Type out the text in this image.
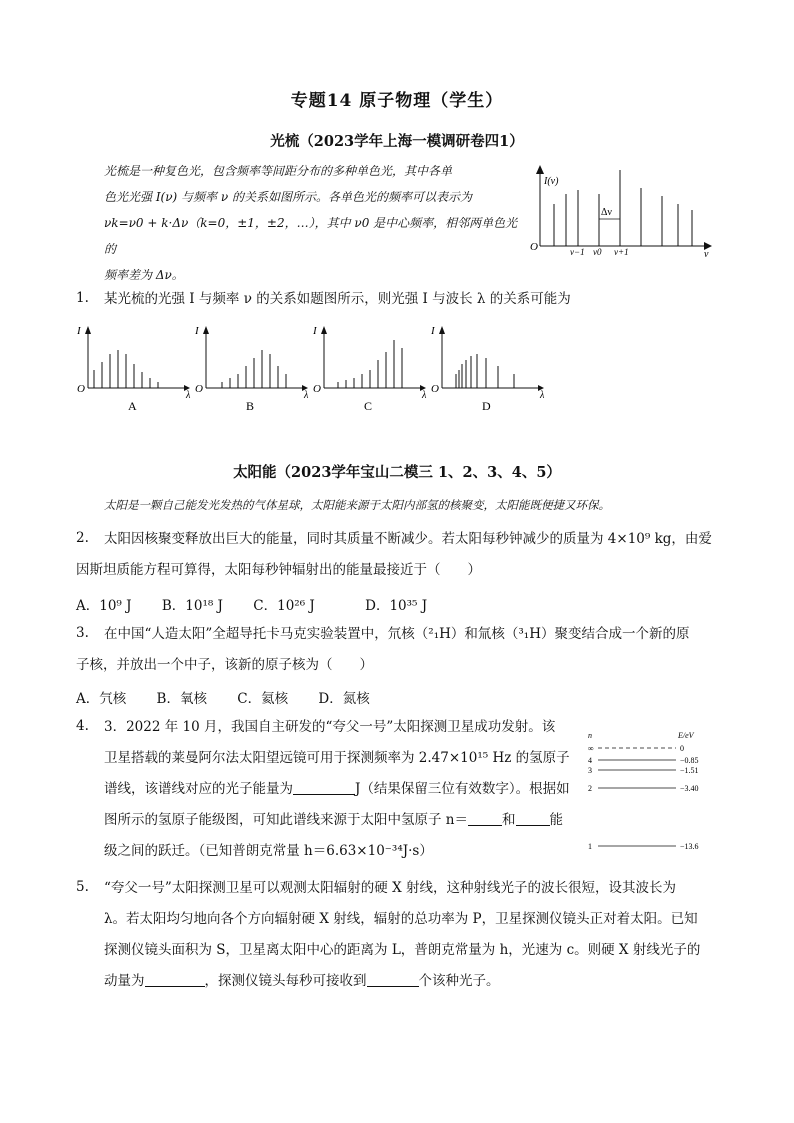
专题14 原子物理（学生）
光梳（2023学年上海一模调研卷四1）
光梳是一种复色光，包含频率等间距分布的多种单色光，其中各单
色光光强 I(ν) 与频率 ν 的关系如图所示。各单色光的频率可以表示为
νk=ν0 + k·Δν（k=0，±1，±2，…），其中 ν0 是中心频率，相邻两单色光的
频率差为 Δν。
I(ν)
ν
O
Δν
ν−1 ν0 ν+1
1. 某光梳的光强 I 与频率 ν 的关系如题图所示，则光强 I 与波长 λ 的关系可能为
I
λ
O
A
I
λ
O
B
I
λ
O
C
I
λ
O
D
太阳能（2023学年宝山二模三 1、2、3、4、5）
太阳是一颗自己能发光发热的气体星球，太阳能来源于太阳内部氢的核聚变，太阳能既便捷又环保。
2. 太阳因核聚变释放出巨大的能量，同时其质量不断减少。若太阳每秒钟减少的质量为 4×10⁹ kg，由爱
因斯坦质能方程可算得，太阳每秒钟辐射出的能量最接近于（　　）
A．10⁹ J B．10¹⁸ J C．10²⁶ J	D．10³⁵ J
3. 在中国“人造太阳”全超导托卡马克实验装置中，氘核（²₁H）和氚核（³₁H）聚变结合成一个新的原
子核，并放出一个中子，该新的原子核为（　　）
A．氕核 B．氧核 C．氦核 D．氮核
4. 3．2022 年 10 月，我国自主研发的“夸父一号”太阳探测卫星成功发射。该
卫星搭载的莱曼阿尔法太阳望远镜可用于探测频率为 2.47×10¹⁵ Hz 的氢原子
谱线，该谱线对应的光子能量为	J（结果保留三位有效数字）。根据如
图所示的氢原子能级图，可知此谱线来源于太阳中氢原子 n＝	和	能
级之间的跃迁。（已知普朗克常量 h＝6.63×10⁻³⁴J·s）
n	E/eV
∞	0
4	−0.85
3	−1.51
2	−3.40
1	−13.6
5. “夸父一号”太阳探测卫星可以观测太阳辐射的硬 X 射线，这种射线光子的波长很短，设其波长为
λ。若太阳均匀地向各个方向辐射硬 X 射线，辐射的总功率为 P，卫星探测仪镜头正对着太阳。已知
探测仪镜头面积为 S，卫星离太阳中心的距离为 L，普朗克常量为 h，光速为 c。则硬 X 射线光子的
动量为	，探测仪镜头每秒可接收到	个该种光子。
